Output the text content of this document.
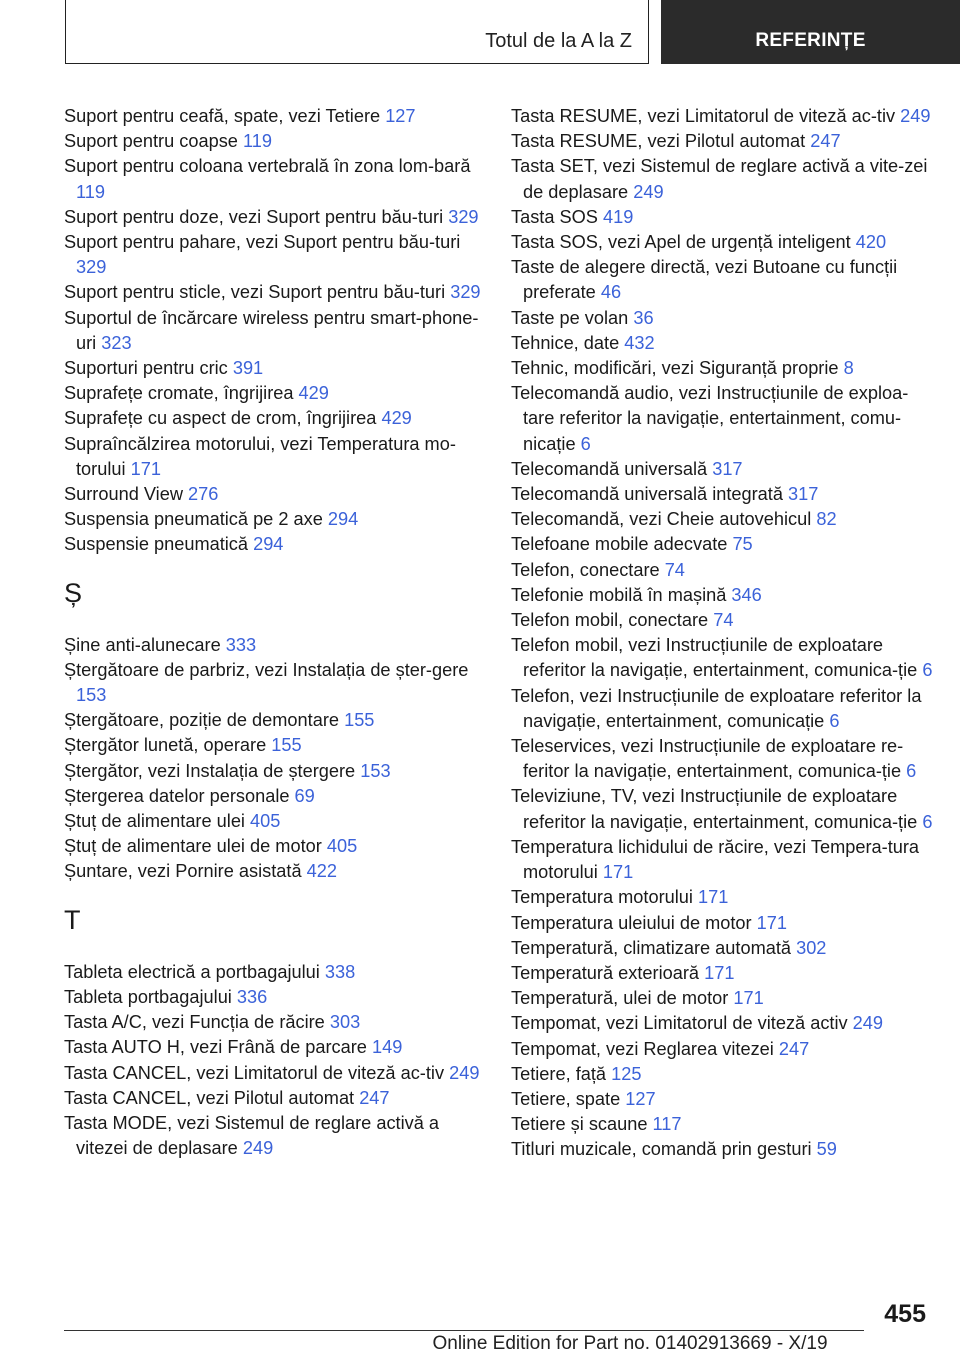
Totul de la A la Z	REFERINȚE
Suport pentru ceafă, spate, vezi Tetiere 127
Suport pentru coapse 119
Suport pentru coloana vertebrală în zona lom‐bară 119
Suport pentru doze, vezi Suport pentru bău‐turi 329
Suport pentru pahare, vezi Suport pentru bău‐turi 329
Suport pentru sticle, vezi Suport pentru bău‐turi 329
Suportul de încărcare wireless pentru smart‐phone-uri 323
Suporturi pentru cric 391
Suprafețe cromate, îngrijirea 429
Suprafețe cu aspect de crom, îngrijirea 429
Supraîncălzirea motorului, vezi Temperatura mo‐torului 171
Surround View 276
Suspensia pneumatică pe 2 axe 294
Suspensie pneumatică 294
Ș
Șine anti-alunecare 333
Ștergătoare de parbriz, vezi Instalația de șter‐gere 153
Ștergătoare, poziție de demontare 155
Ștergător lunetă, operare 155
Ștergător, vezi Instalația de ștergere 153
Ștergerea datelor personale 69
Ștuț de alimentare ulei 405
Ștuț de alimentare ulei de motor 405
Șuntare, vezi Pornire asistată 422
T
Tableta electrică a portbagajului 338
Tableta portbagajului 336
Tasta A/C, vezi Funcția de răcire 303
Tasta AUTO H, vezi Frână de parcare 149
Tasta CANCEL, vezi Limitatorul de viteză ac‐tiv 249
Tasta CANCEL, vezi Pilotul automat 247
Tasta MODE, vezi Sistemul de reglare activă a vitezei de deplasare 249
Tasta RESUME, vezi Limitatorul de viteză ac‐tiv 249
Tasta RESUME, vezi Pilotul automat 247
Tasta SET, vezi Sistemul de reglare activă a vite‐zei de deplasare 249
Tasta SOS 419
Tasta SOS, vezi Apel de urgență inteligent 420
Taste de alegere directă, vezi Butoane cu funcții preferate 46
Taste pe volan 36
Tehnice, date 432
Tehnic, modificări, vezi Siguranță proprie 8
Telecomandă audio, vezi Instrucțiunile de exploa‐tare referitor la navigație, entertainment, comu‐nicație 6
Telecomandă universală 317
Telecomandă universală integrată 317
Telecomandă, vezi Cheie autovehicul 82
Telefoane mobile adecvate 75
Telefon, conectare 74
Telefonie mobilă în mașină 346
Telefon mobil, conectare 74
Telefon mobil, vezi Instrucțiunile de exploatare referitor la navigație, entertainment, comunica‐ție 6
Telefon, vezi Instrucțiunile de exploatare referitor la navigație, entertainment, comunicație 6
Teleservices, vezi Instrucțiunile de exploatare re‐feritor la navigație, entertainment, comunica‐ție 6
Televiziune, TV, vezi Instrucțiunile de exploatare referitor la navigație, entertainment, comunica‐ție 6
Temperatura lichidului de răcire, vezi Tempera‐tura motorului 171
Temperatura motorului 171
Temperatura uleiului de motor 171
Temperatură, climatizare automată 302
Temperatură exterioară 171
Temperatură, ulei de motor 171
Tempomat, vezi Limitatorul de viteză activ 249
Tempomat, vezi Reglarea vitezei 247
Tetiere, față 125
Tetiere, spate 127
Tetiere și scaune 117
Titluri muzicale, comandă prin gesturi 59
455
Online Edition for Part no. 01402913669 - X/19
